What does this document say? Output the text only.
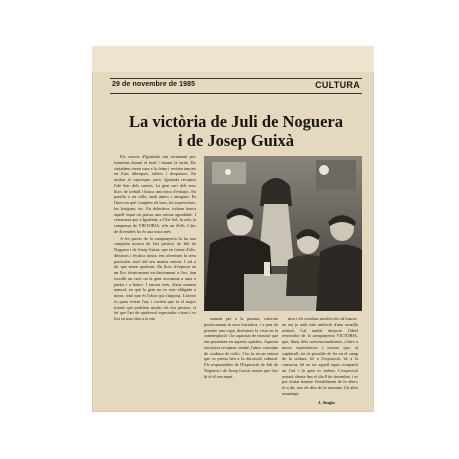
29 de novembre de 1985	CULTURA
La victòria de Juli de Noguera
i de Josep Guixà

Els carrers d'Igualada són certament poc transitats durant el matí i durant la tarda. Els ciutadans eixen cara a la feina i reviten tancats en llurs fàbriques, tallers i despatxos. En arribar al capvespre, però, Igualada recupera l'alè físic dels carrers. La gent surt dels seus llocs de treball i busca una mica d'esbarjo. En parella o en colla, amb amics i amigues. Es l'hora en què s'omplen els bars, les exposicions, les botigues, etc. En definitiva, tothom busca aquell espai on passar una estona agradable. I certament que a Igualada, a l'Art Sol, la sala, la campanya de VIKTORIA, n'és un d'ells. I des de divendres ho és una mica més.

A les parets de la campanyeria hi ha una completa mostra de l'art pictòric de Juli de Noguera i de Josep Guixà, que en forma d'olis, dibuixos i tècnica mixta, ens ofereixen la seva particular visió del seu mateix entorn. I val a dir que tenen quelcom. En llocs d'exposar en un lloc tècnicament exclusivament a l'art, han escollit un racó on la gent acostuma a anar a parlar i a beure. I encara més, d'una manera natural, en què la gent no es sent obligada a mirar, sinó que és l'obra qui s'imposa. Llavors és quan veiem l'art, i creiem que és el major triomf que podríem assolir els dos pintors, el fet que l'art de qualsevol espectador s'aturi i es fixi en una obra a la mà.	sament per a la pintura, valorem positivament la seva iniciativa, i a part de prendre una copa, disfrutem la vista en la contemplació i la capacitat de mostrar que ens presenten en aquests quadres. Aquesta iniciativa recupera, també, l'antic concepte de «cultura de cafè». I ho fa en un entorn que es presta ben a la discussió cultural. Els responsables de l'Exposició de Juli de Noguera i de Josep Guixà creuen que l'art hi té el seu espai.

nica i els resultats assolits els cal buscar-ne ara ja amb més ambició d'una senzilla actitud. Cal també destacar l'ideal renovador de la campanyeria VICTÒRIA, que, lluny dels convencionalismes, s'obre a noves experiències i mostra que, al capdavall, tot és possible de fer en el camp de la cultura, bé a l'exposició, bé a la conversa, bé en tot aquell espai compartit on l'art i la gent es troben. L'exposició restarà oberta fins el dia 8 de desembre, i es pot visitar mentre l'establiment de fe obert, és a dir, tots els dies de la setmana. Un altre avantatge.

J. Singla
